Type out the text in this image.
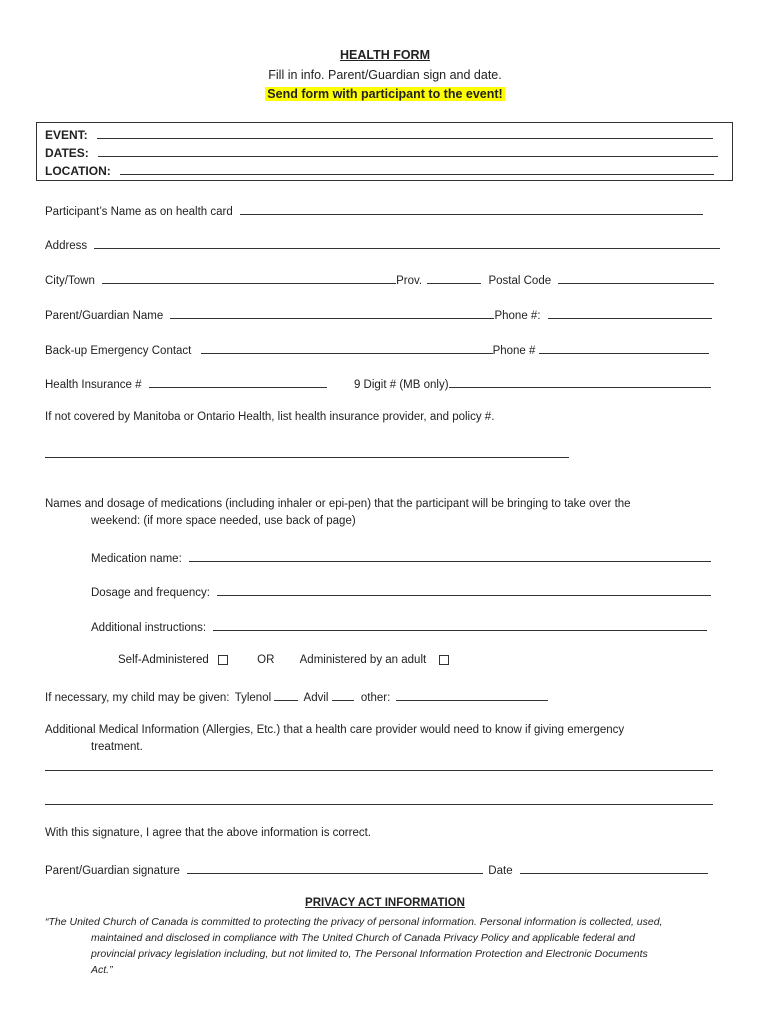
HEALTH FORM
Fill in info. Parent/Guardian sign and date.
Send form with participant to the event!
EVENT:
DATES:
LOCATION:
Participant’s Name as on health card
Address
City/Town	Prov.	Postal Code
Parent/Guardian Name	Phone #:
Back-up Emergency Contact	Phone #
Health Insurance #	9 Digit # (MB only)
If not covered by Manitoba or Ontario Health, list health insurance provider, and policy #.
Names and dosage of medications (including inhaler or epi-pen) that the participant will be bringing to take over the
weekend: (if more space needed, use back of page)
Medication name:
Dosage and frequency:
Additional instructions:
Self-Administered	OR Administered by an adult
If necessary, my child may be given: Tylenol	Advil	other:
Additional Medical Information (Allergies, Etc.) that a health care provider would need to know if giving emergency
treatment.
With this signature, I agree that the above information is correct.
Parent/Guardian signature	Date
PRIVACY ACT INFORMATION
“The United Church of Canada is committed to protecting the privacy of personal information. Personal information is collected, used,
maintained and disclosed in compliance with The United Church of Canada Privacy Policy and applicable federal and
provincial privacy legislation including, but not limited to, The Personal Information Protection and Electronic Documents
Act.”
